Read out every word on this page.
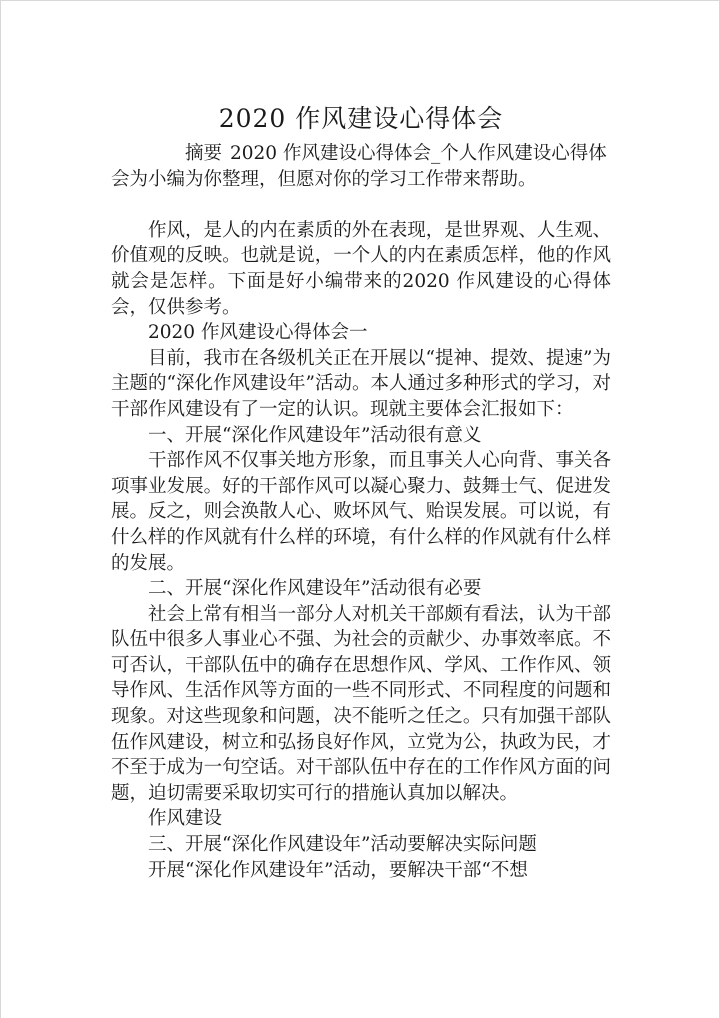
2020 作风建设心得体会

摘要 2020 作风建设心得体会_个人作风建设心得体会为小编为你整理，但愿对你的学习工作带来帮助。

作风，是人的内在素质的外在表现，是世界观、人生观、价值观的反映。也就是说，一个人的内在素质怎样，他的作风就会是怎样。下面是好小编带来的2020 作风建设的心得体会，仅供参考。

2020 作风建设心得体会一

目前，我市在各级机关正在开展以“提神、提效、提速”为主题的“深化作风建设年”活动。本人通过多种形式的学习，对干部作风建设有了一定的认识。现就主要体会汇报如下：

一、开展“深化作风建设年”活动很有意义

干部作风不仅事关地方形象，而且事关人心向背、事关各项事业发展。好的干部作风可以凝心聚力、鼓舞士气、促进发展。反之，则会涣散人心、败坏风气、贻误发展。可以说，有什么样的作风就有什么样的环境，有什么样的作风就有什么样的发展。

二、开展“深化作风建设年”活动很有必要

社会上常有相当一部分人对机关干部颇有看法，认为干部队伍中很多人事业心不强、为社会的贡献少、办事效率底。不可否认，干部队伍中的确存在思想作风、学风、工作作风、领导作风、生活作风等方面的一些不同形式、不同程度的问题和现象。对这些现象和问题，决不能听之任之。只有加强干部队伍作风建设，树立和弘扬良好作风，立党为公，执政为民，才不至于成为一句空话。对干部队伍中存在的工作作风方面的问题，迫切需要采取切实可行的措施认真加以解决。

作风建设

三、开展“深化作风建设年”活动要解决实际问题

开展“深化作风建设年”活动，要解决干部“不想
